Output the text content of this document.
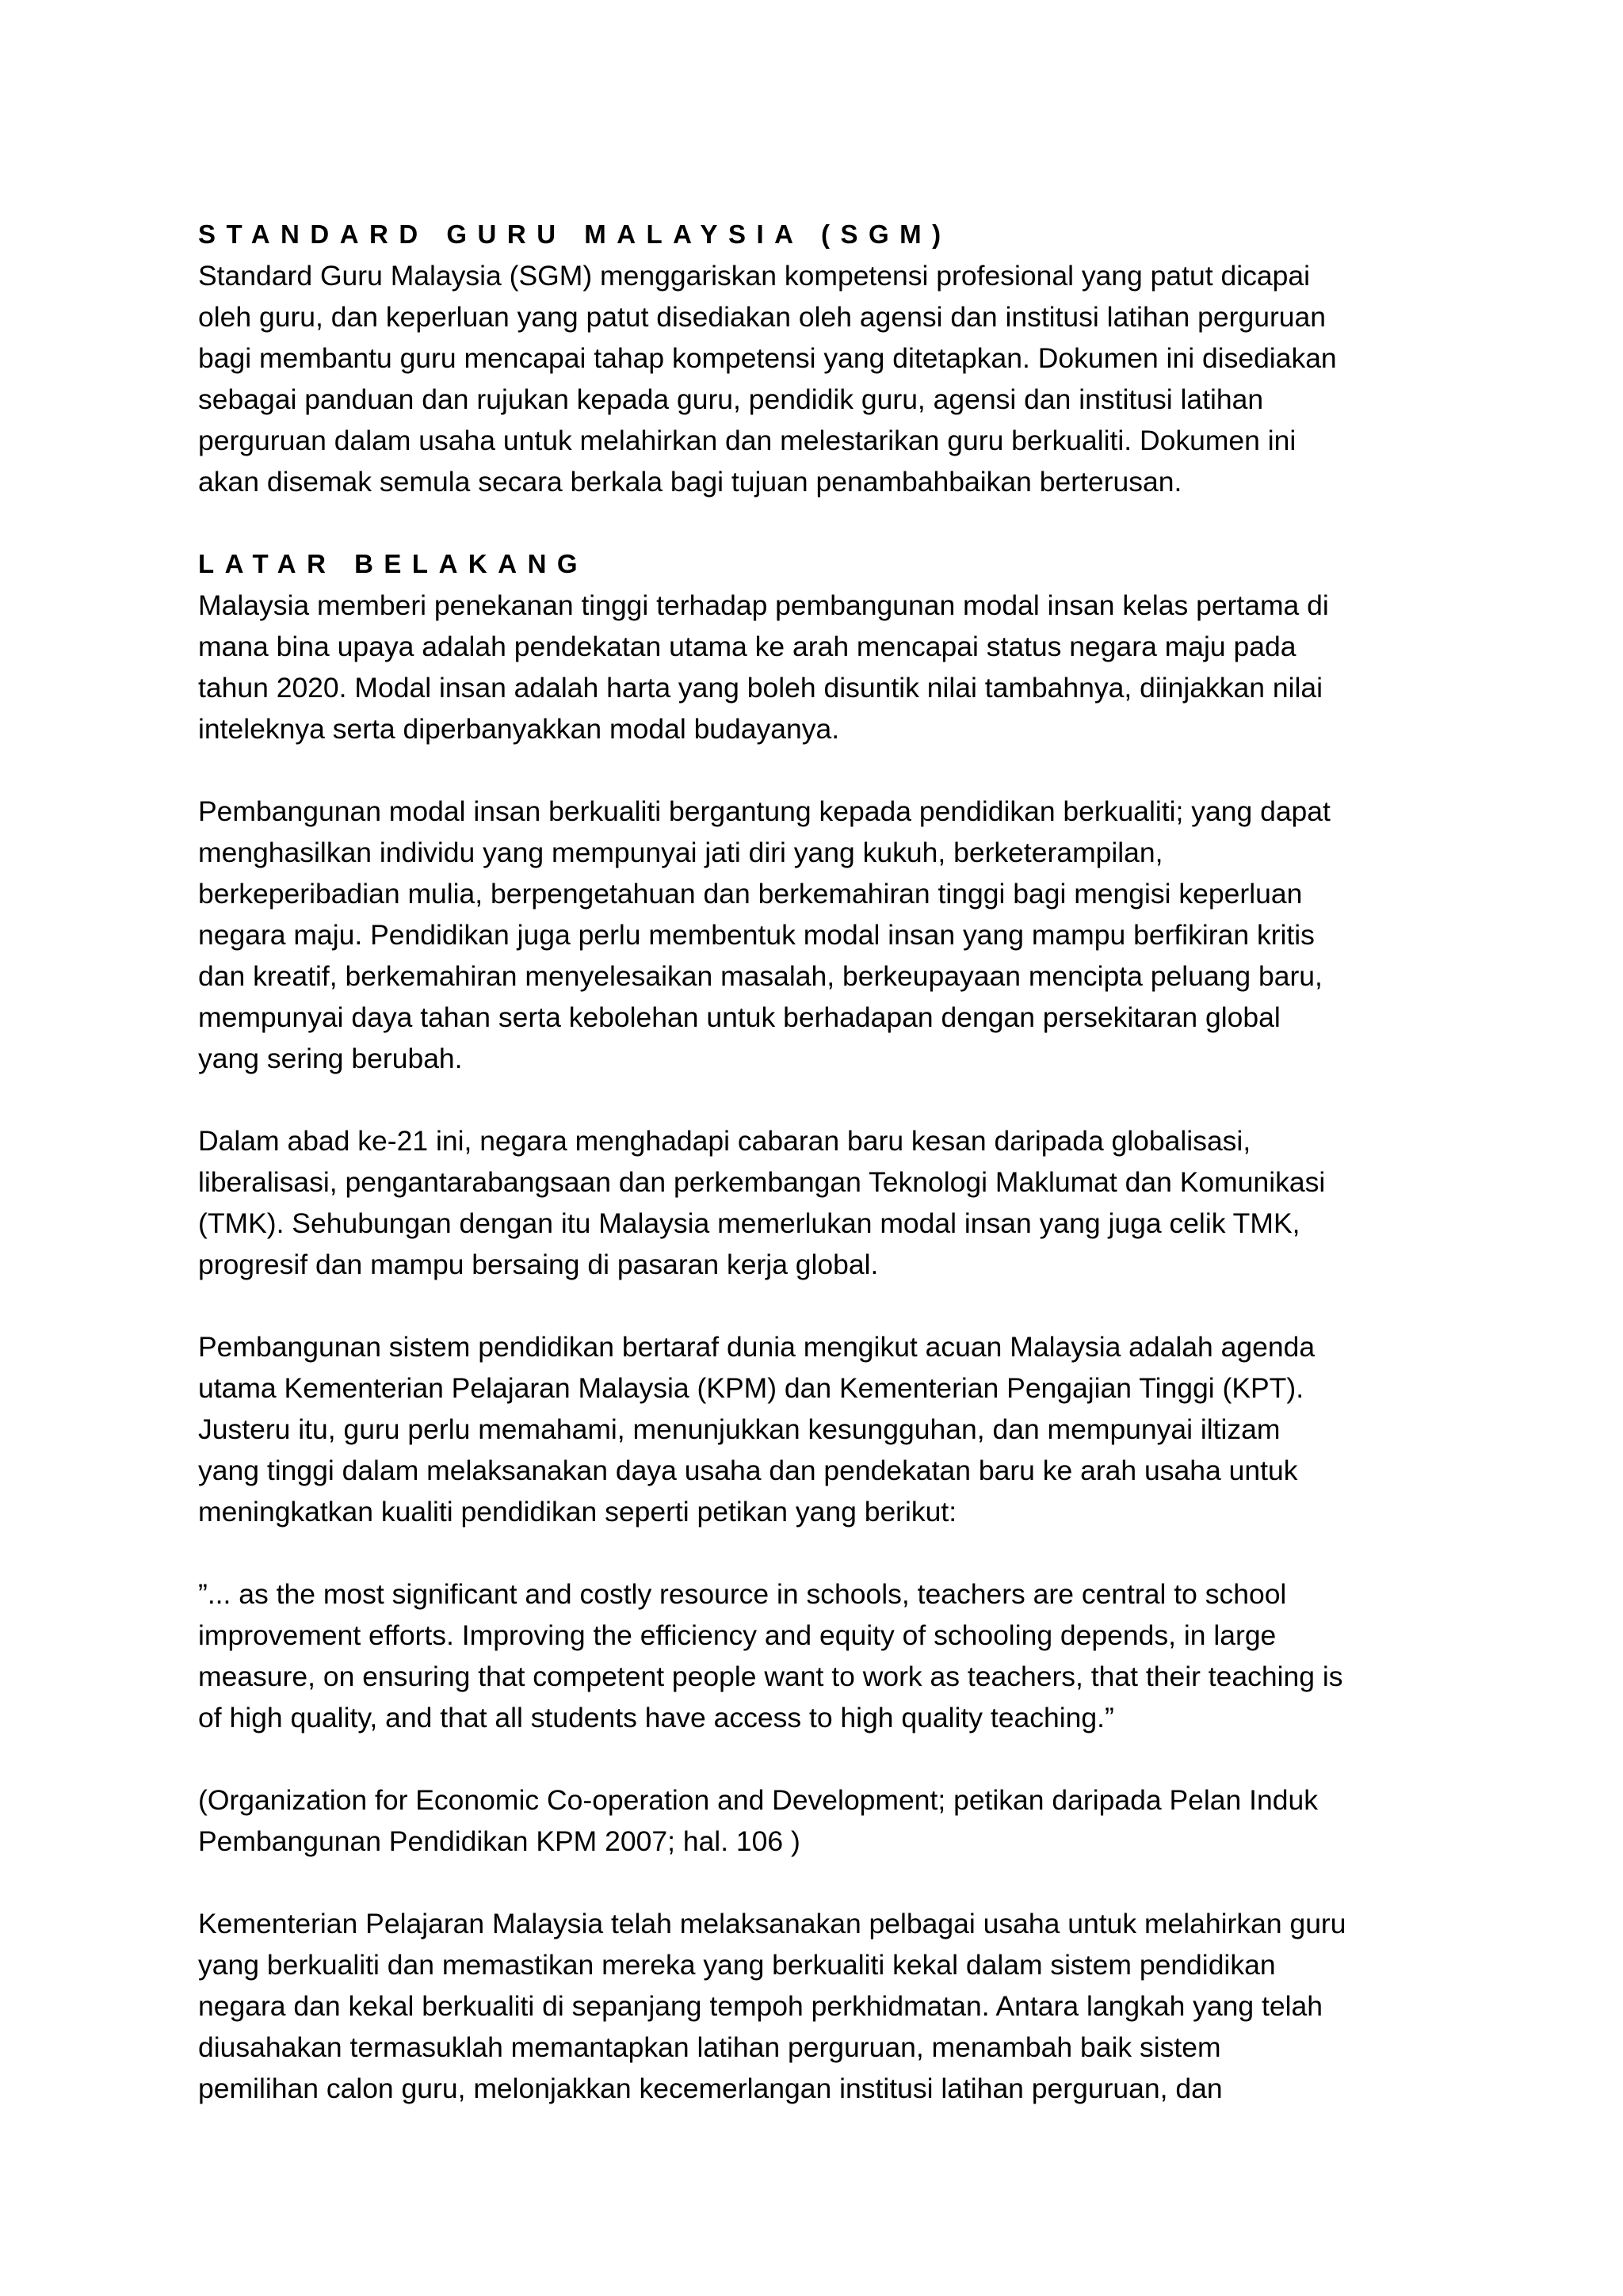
STANDARD GURU MALAYSIA (SGM)

Standard Guru Malaysia (SGM) menggariskan kompetensi profesional yang patut dicapai
oleh guru, dan keperluan yang patut disediakan oleh agensi dan institusi latihan perguruan
bagi membantu guru mencapai tahap kompetensi yang ditetapkan. Dokumen ini disediakan
sebagai panduan dan rujukan kepada guru, pendidik guru, agensi dan institusi latihan
perguruan dalam usaha untuk melahirkan dan melestarikan guru berkualiti. Dokumen ini
akan disemak semula secara berkala bagi tujuan penambahbaikan berterusan.

LATAR BELAKANG

Malaysia memberi penekanan tinggi terhadap pembangunan modal insan kelas pertama di
mana bina upaya adalah pendekatan utama ke arah mencapai status negara maju pada
tahun 2020. Modal insan adalah harta yang boleh disuntik nilai tambahnya, diinjakkan nilai
inteleknya serta diperbanyakkan modal budayanya.

Pembangunan modal insan berkualiti bergantung kepada pendidikan berkualiti; yang dapat
menghasilkan individu yang mempunyai jati diri yang kukuh, berketerampilan,
berkeperibadian mulia, berpengetahuan dan berkemahiran tinggi bagi mengisi keperluan
negara maju. Pendidikan juga perlu membentuk modal insan yang mampu berfikiran kritis
dan kreatif, berkemahiran menyelesaikan masalah, berkeupayaan mencipta peluang baru,
mempunyai daya tahan serta kebolehan untuk berhadapan dengan persekitaran global
yang sering berubah.

Dalam abad ke-21 ini, negara menghadapi cabaran baru kesan daripada globalisasi,
liberalisasi, pengantarabangsaan dan perkembangan Teknologi Maklumat dan Komunikasi
(TMK). Sehubungan dengan itu Malaysia memerlukan modal insan yang juga celik TMK,
progresif dan mampu bersaing di pasaran kerja global.

Pembangunan sistem pendidikan bertaraf dunia mengikut acuan Malaysia adalah agenda
utama Kementerian Pelajaran Malaysia (KPM) dan Kementerian Pengajian Tinggi (KPT).
Justeru itu, guru perlu memahami, menunjukkan kesungguhan, dan mempunyai iltizam
yang tinggi dalam melaksanakan daya usaha dan pendekatan baru ke arah usaha untuk
meningkatkan kualiti pendidikan seperti petikan yang berikut:

”... as the most significant and costly resource in schools, teachers are central to school
improvement efforts. Improving the efficiency and equity of schooling depends, in large
measure, on ensuring that competent people want to work as teachers, that their teaching is
of high quality, and that all students have access to high quality teaching.”

(Organization for Economic Co-operation and Development; petikan daripada Pelan Induk
Pembangunan Pendidikan KPM 2007; hal. 106 )

Kementerian Pelajaran Malaysia telah melaksanakan pelbagai usaha untuk melahirkan guru
yang berkualiti dan memastikan mereka yang berkualiti kekal dalam sistem pendidikan
negara dan kekal berkualiti di sepanjang tempoh perkhidmatan. Antara langkah yang telah
diusahakan termasuklah memantapkan latihan perguruan, menambah baik sistem
pemilihan calon guru, melonjakkan kecemerlangan institusi latihan perguruan, dan
